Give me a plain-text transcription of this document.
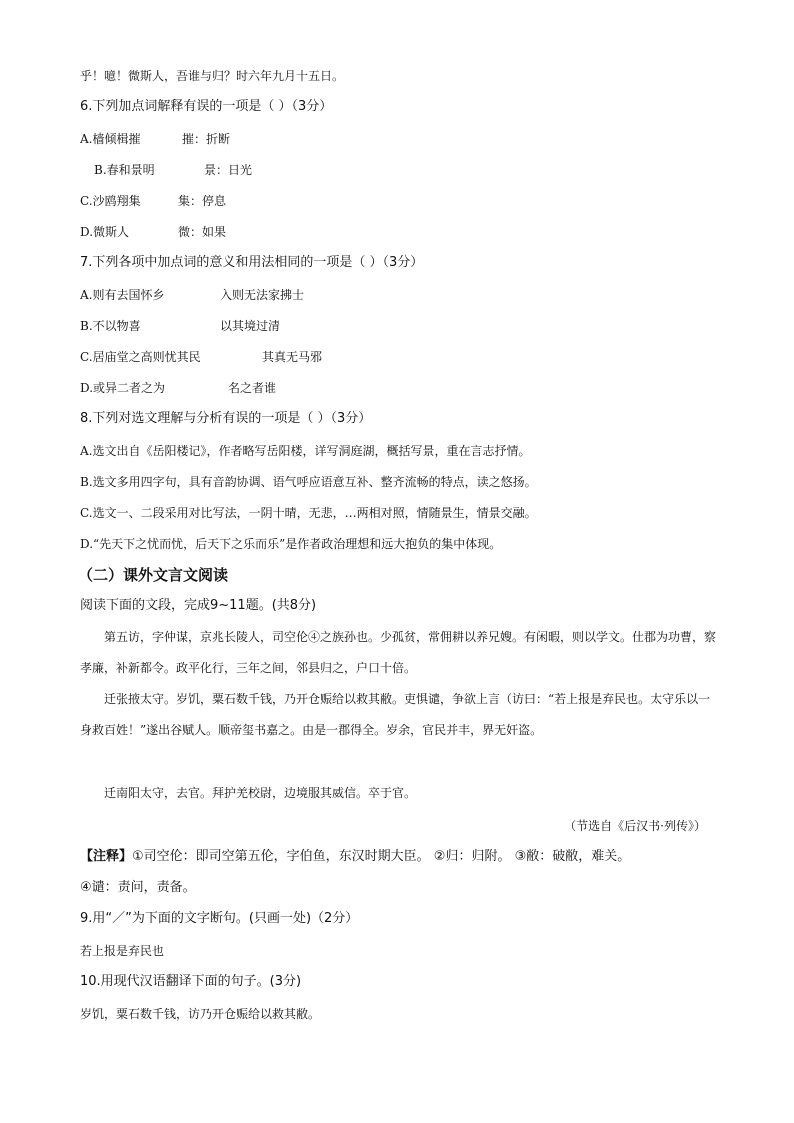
乎！噫！微斯人，吾谁与归？时六年九月十五日。
6.下列加点词解释有误的一项是（ ）（3分）
A.樯倾楫摧	摧：折断
B.春和景明	景：日光
C.沙鸥翔集	集：停息
D.微斯人	微：如果
7.下列各项中加点词的意义和用法相同的一项是（ ）（3分）
A.则有去国怀乡	入则无法家拂士
B.不以物喜	以其境过清
C.居庙堂之高则忧其民	其真无马邪
D.或异二者之为	名之者谁
8.下列对选文理解与分析有误的一项是（ ）（3分）
A.选文出自《岳阳楼记》，作者略写岳阳楼，详写洞庭湖，概括写景，重在言志抒情。
B.选文多用四字句，具有音韵协调、语气呼应语意互补、整齐流畅的特点，读之悠扬。
C.选文一、二段采用对比写法，一阴十晴，无悲，…两相对照，情随景生，情景交融。
D.“先天下之忧而忧，后天下之乐而乐”是作者政治理想和远大抱负的集中体现。
（二）课外文言文阅读
阅读下面的文段，完成9~11题。(共8分)
第五访，字仲谋，京兆长陵人，司空伦④之族孙也。少孤贫，常佣耕以养兄嫂。有闲暇，则以学文。仕郡为功曹，察孝廉，补新都令。政平化行，三年之间，邻县归之，户口十倍。
迁张掖太守。岁饥，粟石数千钱，乃开仓赈给以救其敝。吏惧谴，争欲上言（访曰：“若上报是弃民也。太守乐以一身救百姓！”遂出谷赋人。顺帝玺书嘉之。由是一郡得全。岁余，官民并丰，界无奸盗。
迁南阳太守，去官。拜护羌校尉，边境服其威信。卒于官。
（节选自《后汉书·列传》）
【注释】①司空伦：即司空第五伦，字伯鱼，东汉时期大臣。 ②归：归附。 ③敝：破敝，难关。
④谴：责问，责备。
9.用“／”为下面的文字断句。(只画一处)（2分）
若上报是弃民也
10.用现代汉语翻译下面的句子。(3分)
岁饥，粟石数千钱，访乃开仓赈给以救其敝。
